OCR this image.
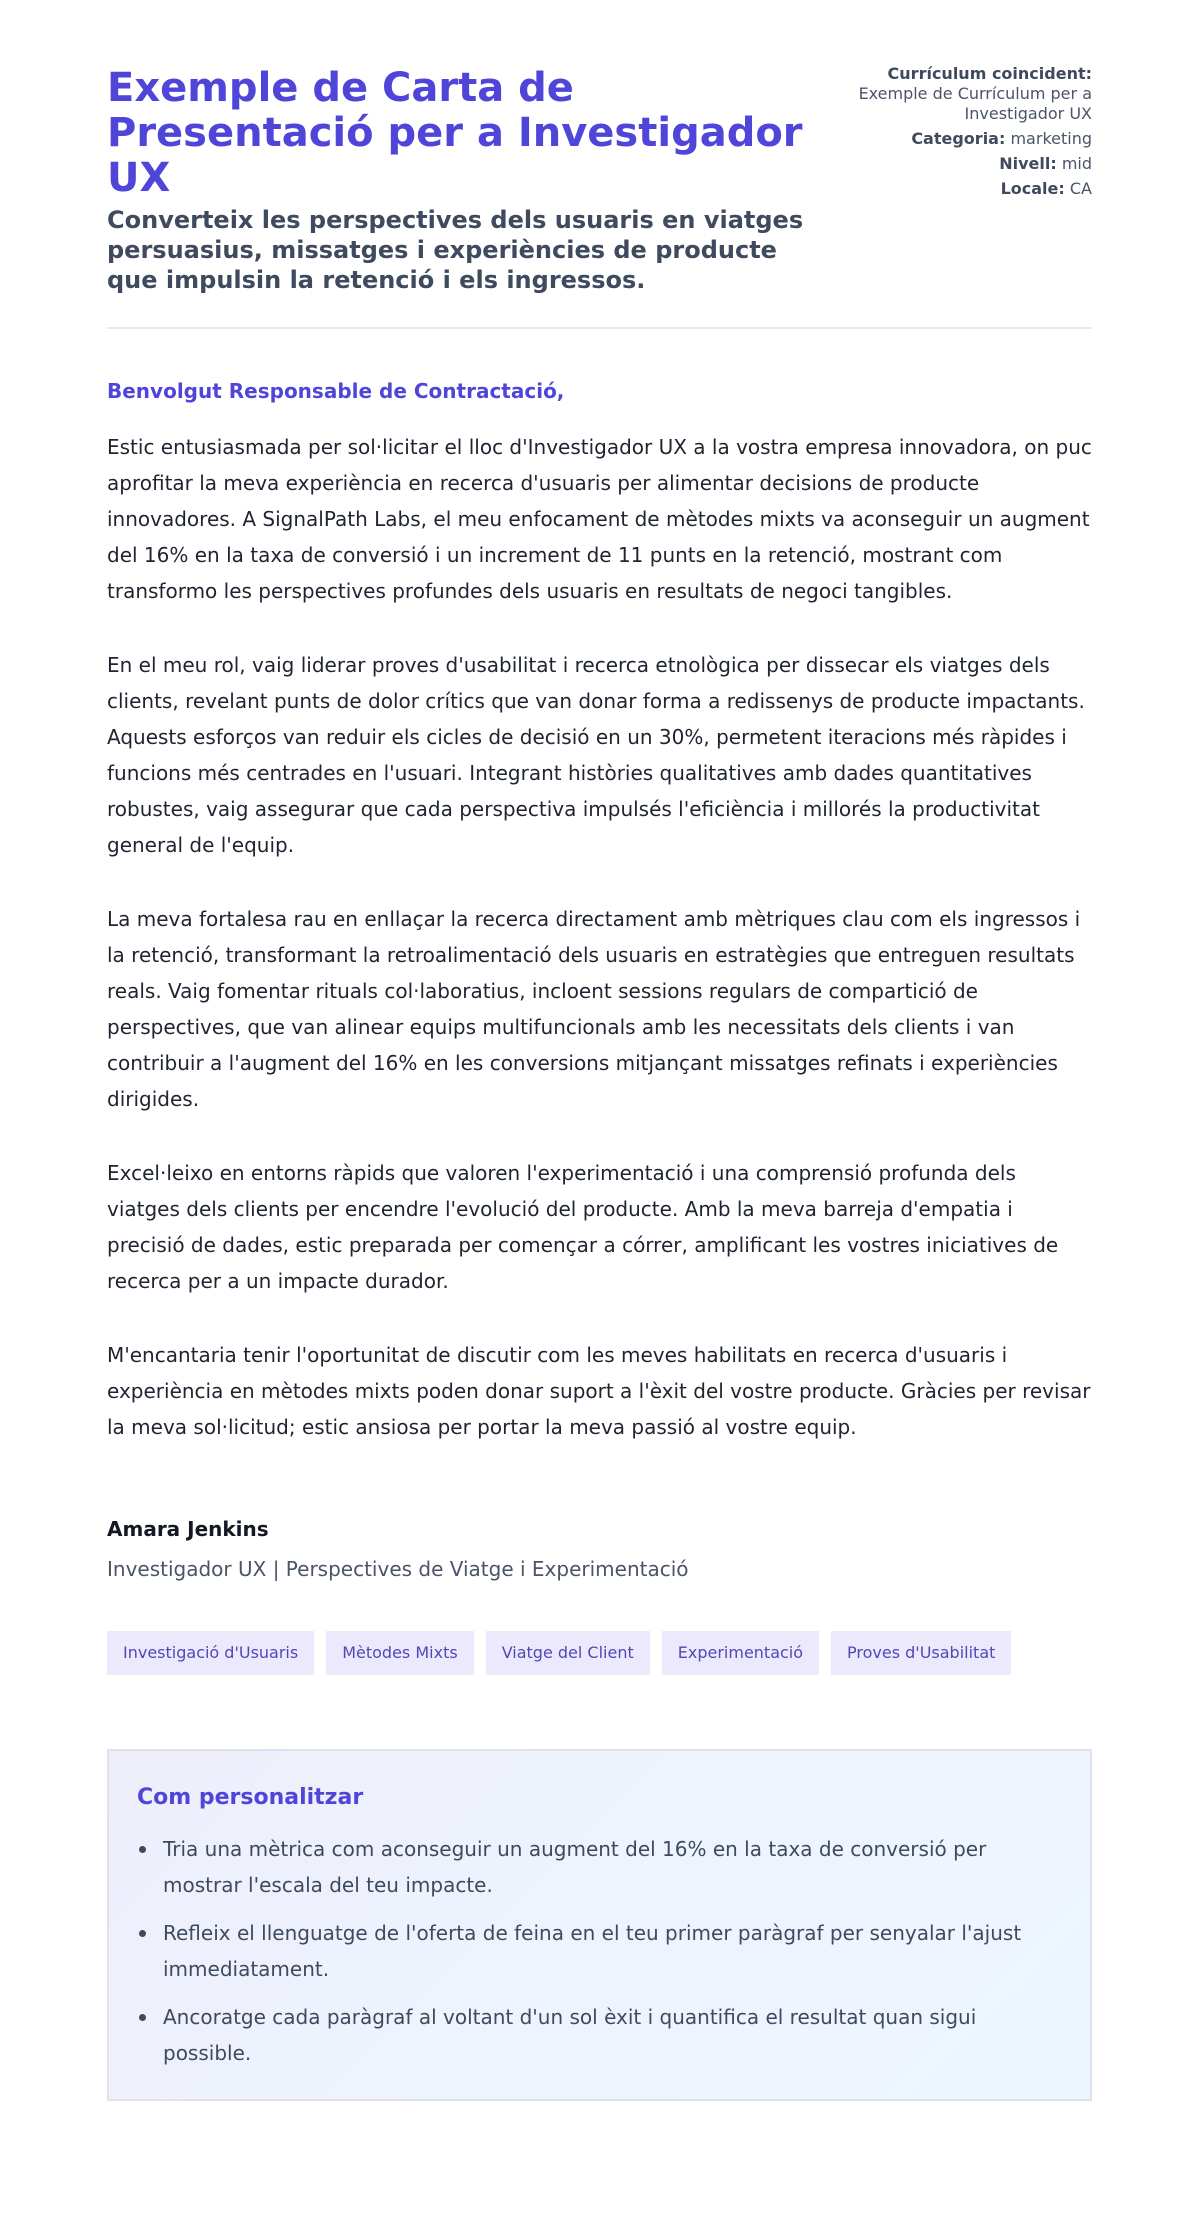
Exemple de Carta de Presentació per a Investigador UX
Converteix les perspectives dels usuaris en viatges persuasius, missatges i experiències de producte que impulsin la retenció i els ingressos.
Currículum coincident:
Exemple de Currículum per a Investigador UX
Categoria: marketing
Nivell: mid
Locale: CA

Benvolgut Responsable de Contractació,

Estic entusiasmada per sol·licitar el lloc d'Investigador UX a la vostra empresa innovadora, on puc aprofitar la meva experiència en recerca d'usuaris per alimentar decisions de producte innovadores. A SignalPath Labs, el meu enfocament de mètodes mixts va aconseguir un augment del 16% en la taxa de conversió i un increment de 11 punts en la retenció, mostrant com transformo les perspectives profundes dels usuaris en resultats de negoci tangibles.

En el meu rol, vaig liderar proves d'usabilitat i recerca etnològica per dissecar els viatges dels clients, revelant punts de dolor crítics que van donar forma a redissenys de producte impactants. Aquests esforços van reduir els cicles de decisió en un 30%, permetent iteracions més ràpides i funcions més centrades en l'usuari. Integrant històries qualitatives amb dades quantitatives robustes, vaig assegurar que cada perspectiva impulsés l'eficiència i millorés la productivitat general de l'equip.

La meva fortalesa rau en enllaçar la recerca directament amb mètriques clau com els ingressos i la retenció, transformant la retroalimentació dels usuaris en estratègies que entreguen resultats reals. Vaig fomentar rituals col·laboratius, incloent sessions regulars de compartició de perspectives, que van alinear equips multifuncionals amb les necessitats dels clients i van contribuir a l'augment del 16% en les conversions mitjançant missatges refinats i experiències dirigides.

Excel·leixo en entorns ràpids que valoren l'experimentació i una comprensió profunda dels viatges dels clients per encendre l'evolució del producte. Amb la meva barreja d'empatia i precisió de dades, estic preparada per començar a córrer, amplificant les vostres iniciatives de recerca per a un impacte durador.

M'encantaria tenir l'oportunitat de discutir com les meves habilitats en recerca d'usuaris i experiència en mètodes mixts poden donar suport a l'èxit del vostre producte. Gràcies per revisar la meva sol·licitud; estic ansiosa per portar la meva passió al vostre equip.

Amara Jenkins
Investigador UX | Perspectives de Viatge i Experimentació
Investigació d'Usuaris	Mètodes Mixts	Viatge del Client	Experimentació	Proves d'Usabilitat
Com personalitzar
Tria una mètrica com aconseguir un augment del 16% en la taxa de conversió per mostrar l'escala del teu impacte.
Refleix el llenguatge de l'oferta de feina en el teu primer paràgraf per senyalar l'ajust immediatament.
Ancoratge cada paràgraf al voltant d'un sol èxit i quantifica el resultat quan sigui possible.
